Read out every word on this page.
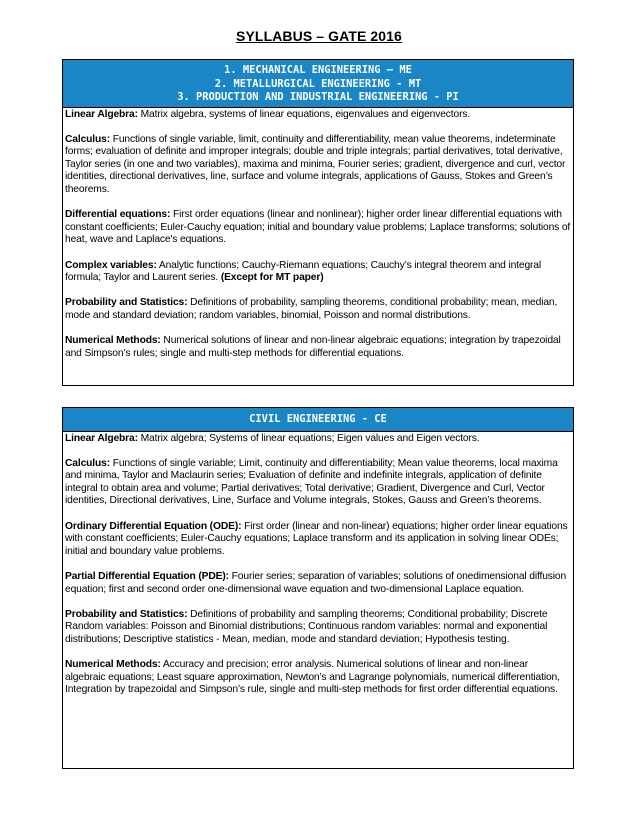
SYLLABUS – GATE 2016
1. MECHANICAL ENGINEERING – ME
2. METALLURGICAL ENGINEERING - MT
3. PRODUCTION AND INDUSTRIAL ENGINEERING - PI

Linear Algebra: Matrix algebra, systems of linear equations, eigenvalues and eigenvectors.

Calculus: Functions of single variable, limit, continuity and differentiability, mean value theorems, indeterminate forms; evaluation of definite and improper integrals; double and triple integrals; partial derivatives, total derivative, Taylor series (in one and two variables), maxima and minima, Fourier series; gradient, divergence and curl, vector identities, directional derivatives, line, surface and volume integrals, applications of Gauss, Stokes and Green’s theorems.

Differential equations: First order equations (linear and nonlinear); higher order linear differential equations with constant coefficients; Euler-Cauchy equation; initial and boundary value problems; Laplace transforms; solutions of heat, wave and Laplace's equations.

Complex variables: Analytic functions; Cauchy-Riemann equations; Cauchy’s integral theorem and integral formula; Taylor and Laurent series. (Except for MT paper)

Probability and Statistics: Definitions of probability, sampling theorems, conditional probability; mean, median, mode and standard deviation; random variables, binomial, Poisson and normal distributions.

Numerical Methods: Numerical solutions of linear and non-linear algebraic equations; integration by trapezoidal and Simpson’s rules; single and multi-step methods for differential equations.

CIVIL ENGINEERING - CE

Linear Algebra: Matrix algebra; Systems of linear equations; Eigen values and Eigen vectors.

Calculus: Functions of single variable; Limit, continuity and differentiability; Mean value theorems, local maxima and minima, Taylor and Maclaurin series; Evaluation of definite and indefinite integrals, application of definite integral to obtain area and volume; Partial derivatives; Total derivative; Gradient, Divergence and Curl, Vector identities, Directional derivatives, Line, Surface and Volume integrals, Stokes, Gauss and Green’s theorems.

Ordinary Differential Equation (ODE): First order (linear and non-linear) equations; higher order linear equations with constant coefficients; Euler-Cauchy equations; Laplace transform and its application in solving linear ODEs; initial and boundary value problems.

Partial Differential Equation (PDE): Fourier series; separation of variables; solutions of onedimensional diffusion equation; first and second order one-dimensional wave equation and two-dimensional Laplace equation.

Probability and Statistics: Definitions of probability and sampling theorems; Conditional probability; Discrete Random variables: Poisson and Binomial distributions; Continuous random variables: normal and exponential distributions; Descriptive statistics - Mean, median, mode and standard deviation; Hypothesis testing.

Numerical Methods: Accuracy and precision; error analysis. Numerical solutions of linear and non-linear algebraic equations; Least square approximation, Newton’s and Lagrange polynomials, numerical differentiation, Integration by trapezoidal and Simpson’s rule, single and multi-step methods for first order differential equations.
